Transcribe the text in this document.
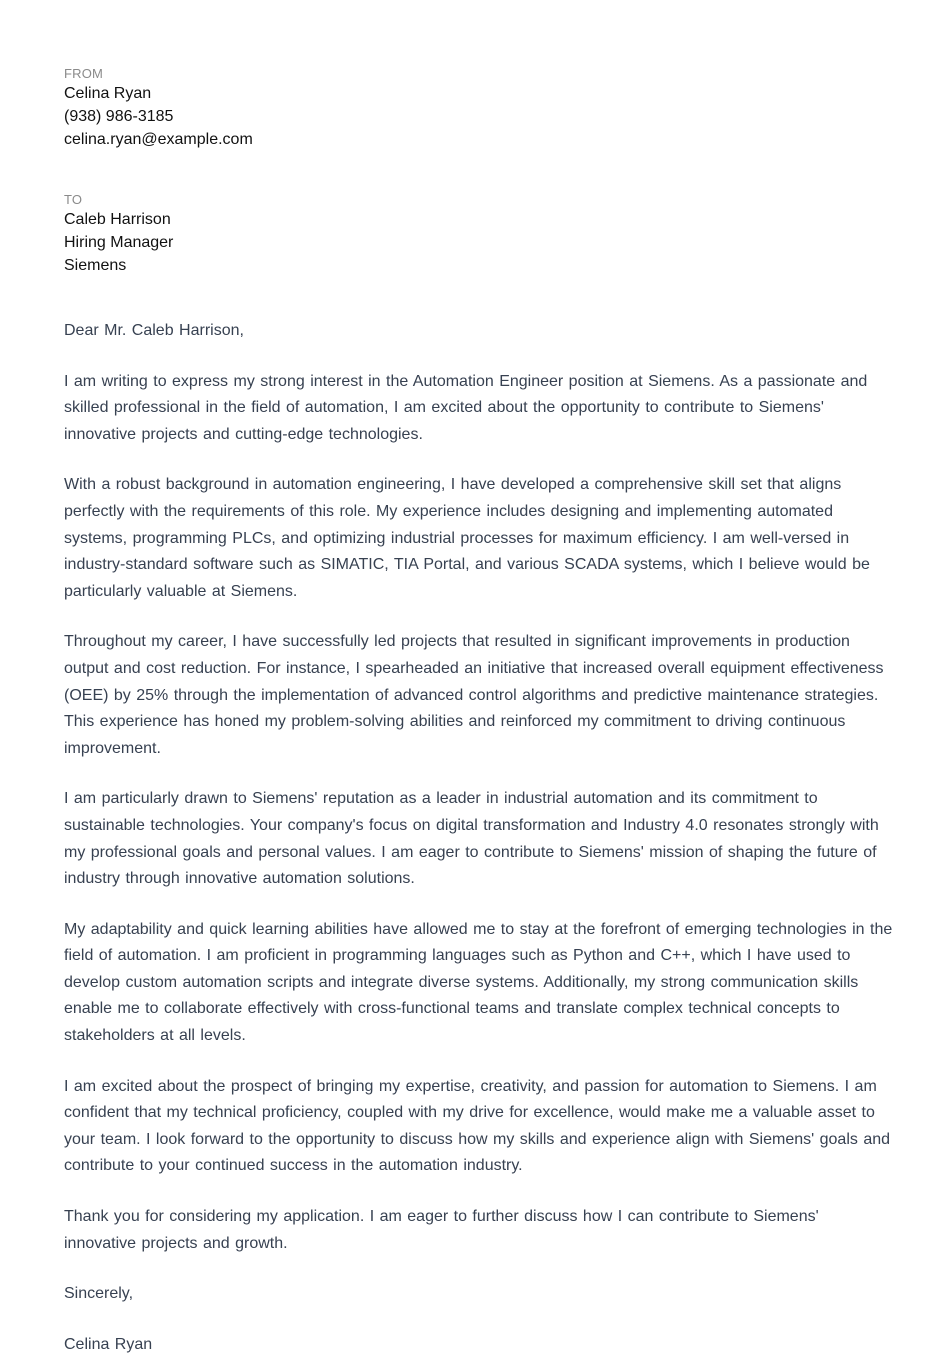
FROM

Celina Ryan

(938) 986-3185

celina.ryan@example.com

TO

Caleb Harrison

Hiring Manager

Siemens

Dear Mr. Caleb Harrison,

I am writing to express my strong interest in the Automation Engineer position at Siemens. As a passionate and skilled professional in the field of automation, I am excited about the opportunity to contribute to Siemens' innovative projects and cutting-edge technologies.

With a robust background in automation engineering, I have developed a comprehensive skill set that aligns perfectly with the requirements of this role. My experience includes designing and implementing automated systems, programming PLCs, and optimizing industrial processes for maximum efficiency. I am well-versed in industry-standard software such as SIMATIC, TIA Portal, and various SCADA systems, which I believe would be particularly valuable at Siemens.

Throughout my career, I have successfully led projects that resulted in significant improvements in production output and cost reduction. For instance, I spearheaded an initiative that increased overall equipment effectiveness (OEE) by 25% through the implementation of advanced control algorithms and predictive maintenance strategies. This experience has honed my problem-solving abilities and reinforced my commitment to driving continuous improvement.

I am particularly drawn to Siemens' reputation as a leader in industrial automation and its commitment to sustainable technologies. Your company's focus on digital transformation and Industry 4.0 resonates strongly with my professional goals and personal values. I am eager to contribute to Siemens' mission of shaping the future of industry through innovative automation solutions.

My adaptability and quick learning abilities have allowed me to stay at the forefront of emerging technologies in the field of automation. I am proficient in programming languages such as Python and C++, which I have used to develop custom automation scripts and integrate diverse systems. Additionally, my strong communication skills enable me to collaborate effectively with cross-functional teams and translate complex technical concepts to stakeholders at all levels.

I am excited about the prospect of bringing my expertise, creativity, and passion for automation to Siemens. I am confident that my technical proficiency, coupled with my drive for excellence, would make me a valuable asset to your team. I look forward to the opportunity to discuss how my skills and experience align with Siemens' goals and contribute to your continued success in the automation industry.

Thank you for considering my application. I am eager to further discuss how I can contribute to Siemens' innovative projects and growth.

Sincerely,

Celina Ryan
